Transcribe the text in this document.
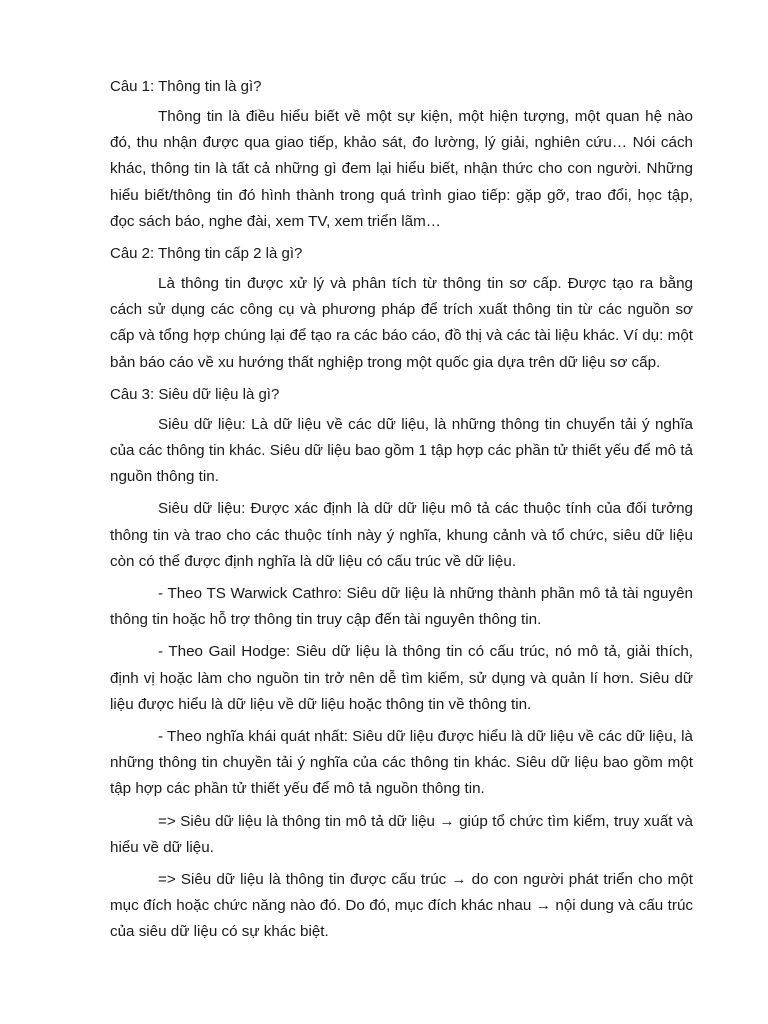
Câu 1: Thông tin là gì?

Thông tin là điều hiểu biết về một sự kiện, một hiện tượng, một quan hệ nào đó, thu nhận được qua giao tiếp, khảo sát, đo lường, lý giải, nghiên cứu… Nói cách khác, thông tin là tất cả những gì đem lại hiểu biết, nhận thức cho con người. Những hiểu biết/thông tin đó hình thành trong quá trình giao tiếp: gặp gỡ, trao đổi, học tập, đọc sách báo, nghe đài, xem TV, xem triển lãm…

Câu 2: Thông tin cấp 2 là gì?

Là thông tin được xử lý và phân tích từ thông tin sơ cấp. Được tạo ra bằng cách sử dụng các công cụ và phương pháp để trích xuất thông tin từ các nguồn sơ cấp và tổng hợp chúng lại để tạo ra các báo cáo, đồ thị và các tài liệu khác. Ví dụ: một bản báo cáo về xu hướng thất nghiệp trong một quốc gia dựa trên dữ liệu sơ cấp.

Câu 3: Siêu dữ liệu là gì?

Siêu dữ liệu: Là dữ liệu về các dữ liệu, là những thông tin chuyển tải ý nghĩa của các thông tin khác. Siêu dữ liệu bao gồm 1 tập hợp các phần tử thiết yếu để mô tả nguồn thông tin.

Siêu dữ liệu: Được xác định là dữ dữ liệu mô tả các thuộc tính của đối tưởng thông tin và trao cho các thuộc tính này ý nghĩa, khung cảnh và tổ chức, siêu dữ liệu còn có thể được định nghĩa là dữ liệu có cấu trúc về dữ liệu.

- Theo TS Warwick Cathro: Siêu dữ liệu là những thành phần mô tả tài nguyên thông tin hoặc hỗ trợ thông tin truy cập đến tài nguyên thông tin.

- Theo Gail Hodge: Siêu dữ liệu là thông tin có cấu trúc, nó mô tả, giải thích, định vị hoặc làm cho nguồn tin trở nên dễ tìm kiếm, sử dụng và quản lí hơn. Siêu dữ liệu được hiểu là dữ liệu về dữ liệu hoặc thông tin về thông tin.

- Theo nghĩa khái quát nhất: Siêu dữ liệu được hiểu là dữ liệu về các dữ liệu, là những thông tin chuyền tải ý nghĩa của các thông tin khác. Siêu dữ liệu bao gồm một tập hợp các phần tử thiết yếu để mô tả nguồn thông tin.

=> Siêu dữ liệu là thông tin mô tả dữ liệu → giúp tổ chức tìm kiếm, truy xuất và hiểu về dữ liệu.

=> Siêu dữ liệu là thông tin được cấu trúc → do con người phát triển cho một mục đích hoặc chức năng nào đó. Do đó, mục đích khác nhau → nội dung và cấu trúc của siêu dữ liệu có sự khác biệt.
